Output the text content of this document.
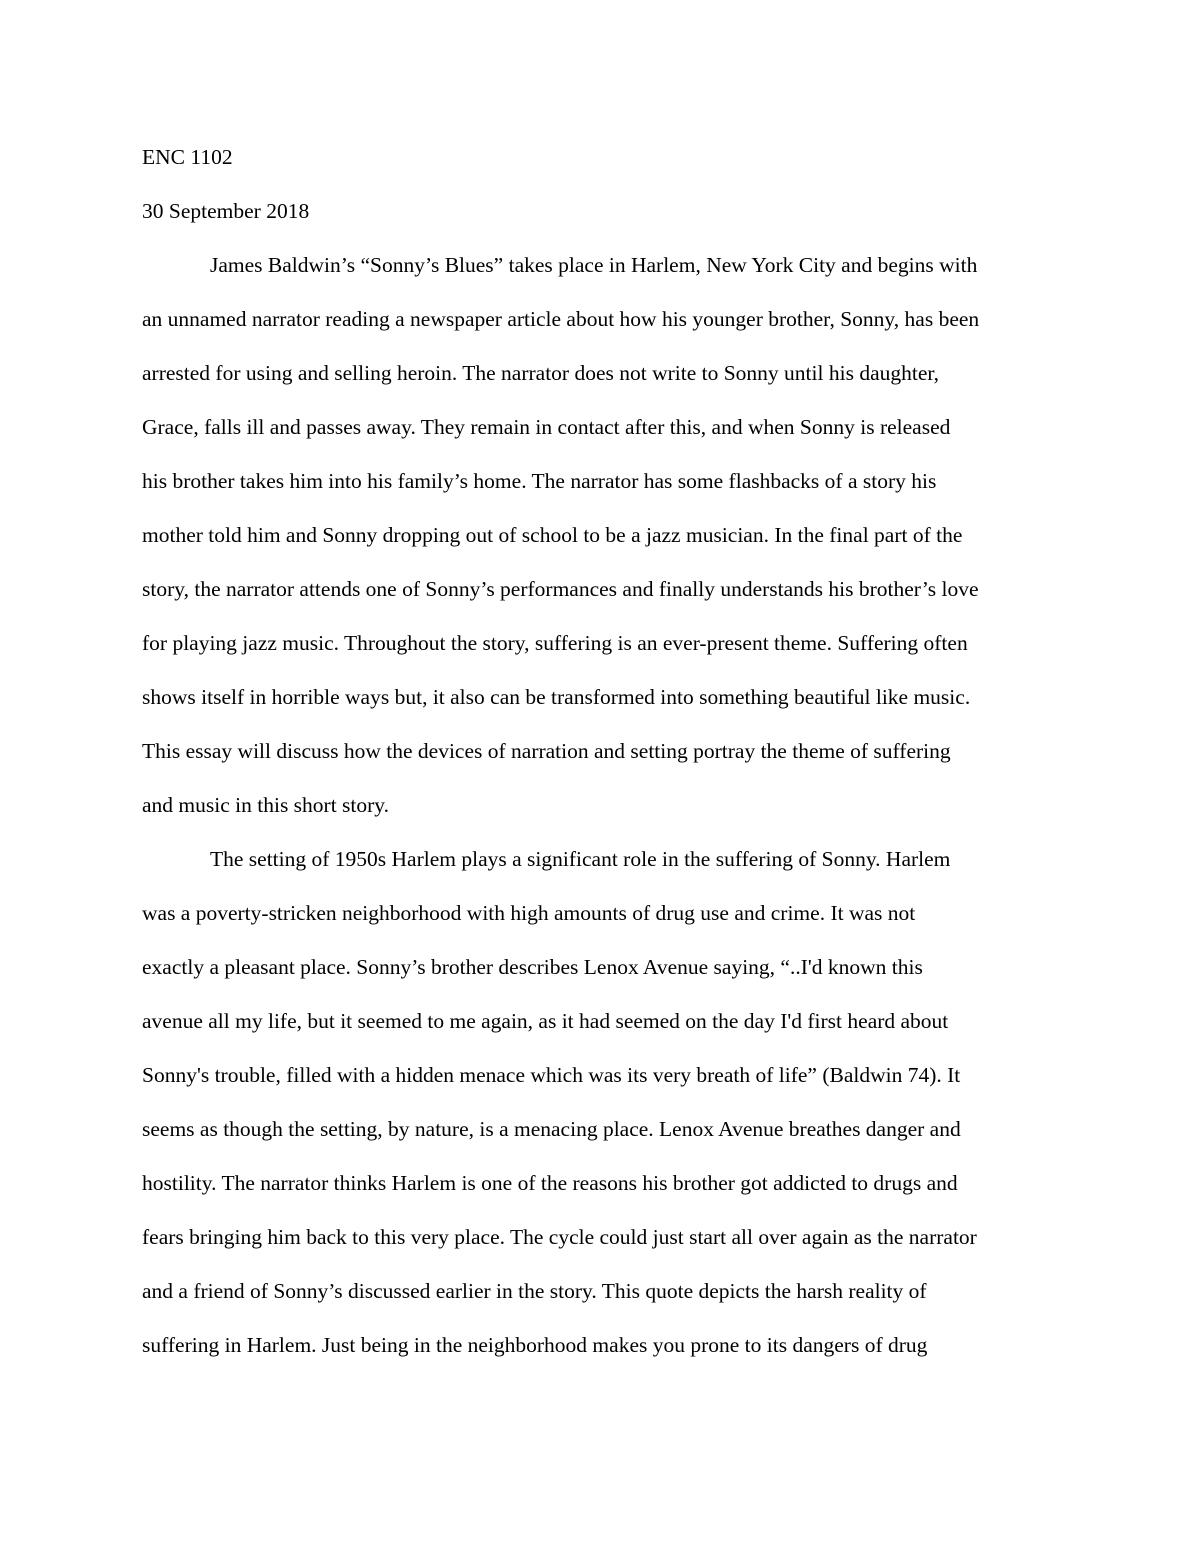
ENC 1102
30 September 2018
James Baldwin’s “Sonny’s Blues” takes place in Harlem, New York City and begins with
an unnamed narrator reading a newspaper article about how his younger brother, Sonny, has been
arrested for using and selling heroin. The narrator does not write to Sonny until his daughter,
Grace, falls ill and passes away. They remain in contact after this, and when Sonny is released
his brother takes him into his family’s home. The narrator has some flashbacks of a story his
mother told him and Sonny dropping out of school to be a jazz musician. In the final part of the
story, the narrator attends one of Sonny’s performances and finally understands his brother’s love
for playing jazz music. Throughout the story, suffering is an ever-present theme. Suffering often
shows itself in horrible ways but, it also can be transformed into something beautiful like music.
This essay will discuss how the devices of narration and setting portray the theme of suffering
and music in this short story.
The setting of 1950s Harlem plays a significant role in the suffering of Sonny. Harlem
was a poverty-stricken neighborhood with high amounts of drug use and crime. It was not
exactly a pleasant place. Sonny’s brother describes Lenox Avenue saying, “..I'd known this
avenue all my life, but it seemed to me again, as it had seemed on the day I'd first heard about
Sonny's trouble, filled with a hidden menace which was its very breath of life” (Baldwin 74). It
seems as though the setting, by nature, is a menacing place. Lenox Avenue breathes danger and
hostility. The narrator thinks Harlem is one of the reasons his brother got addicted to drugs and
fears bringing him back to this very place. The cycle could just start all over again as the narrator
and a friend of Sonny’s discussed earlier in the story. This quote depicts the harsh reality of
suffering in Harlem. Just being in the neighborhood makes you prone to its dangers of drug
